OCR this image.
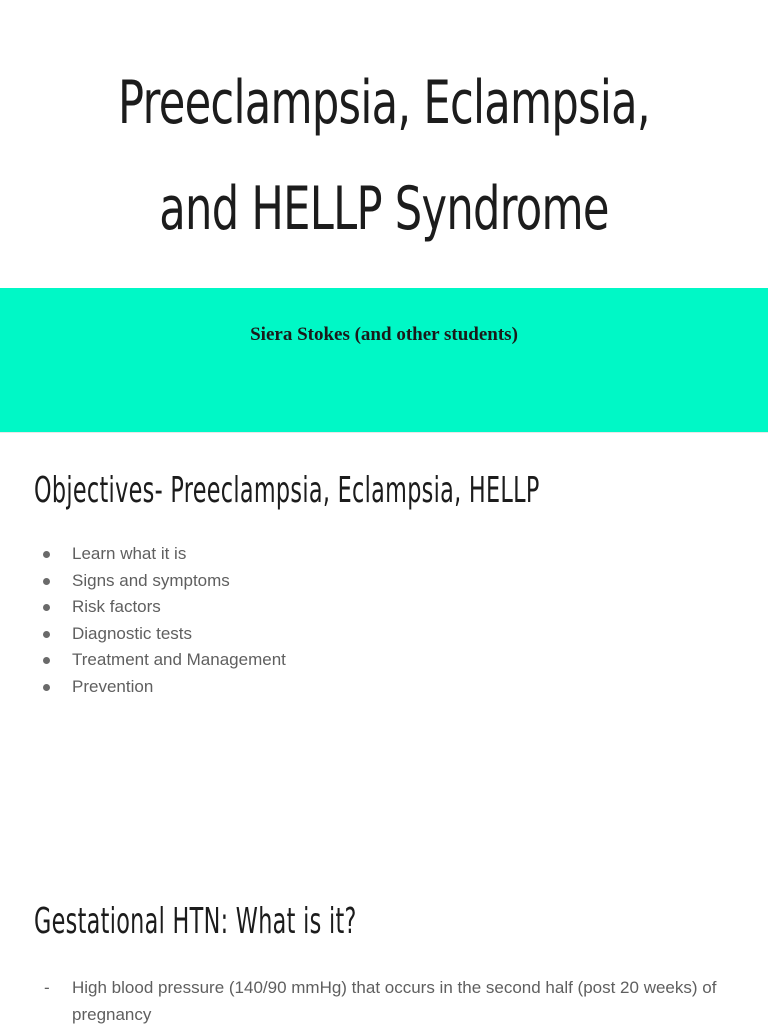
Preeclampsia, Eclampsia,
and HELLP Syndrome
Siera Stokes (and other students)
Objectives- Preeclampsia, Eclampsia, HELLP
Learn what it is
Signs and symptoms
Risk factors
Diagnostic tests
Treatment and Management
Prevention
Gestational HTN: What is it?
- High blood pressure (140/90 mmHg) that occurs in the second half (post 20 weeks) of pregnancy
